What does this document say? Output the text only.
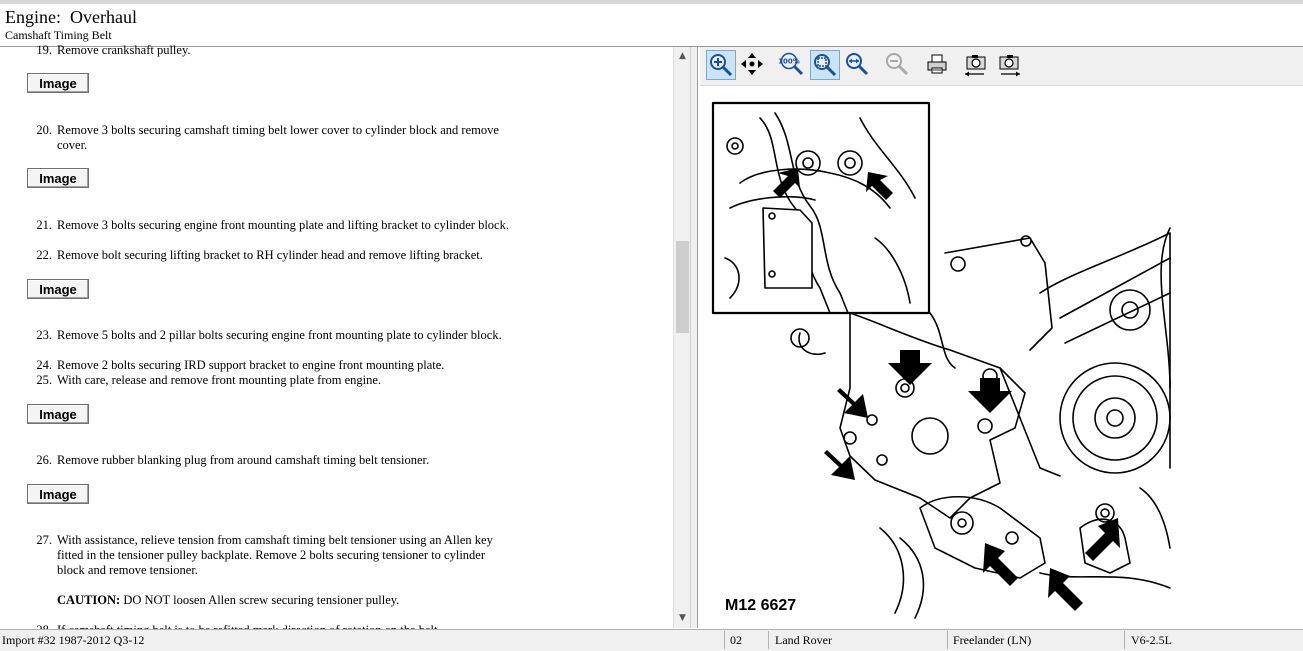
Engine:  Overhaul
Camshaft Timing Belt
19. Remove crankshaft pulley.
Image
20. Remove 3 bolts securing camshaft timing belt lower cover to cylinder block and remove cover.
Image
21. Remove 3 bolts securing engine front mounting plate and lifting bracket to cylinder block.
22. Remove bolt securing lifting bracket to RH cylinder head and remove lifting bracket.
Image
23. Remove 5 bolts and 2 pillar bolts securing engine front mounting plate to cylinder block.
24. Remove 2 bolts securing IRD support bracket to engine front mounting plate.
25. With care, release and remove front mounting plate from engine.
Image
26. Remove rubber blanking plug from around camshaft timing belt tensioner.
Image
27. With assistance, relieve tension from camshaft timing belt tensioner using an Allen key fitted in the tensioner pulley backplate. Remove 2 bolts securing tensioner to cylinder block and remove tensioner.
CAUTION: DO NOT loosen Allen screw securing tensioner pulley.
▲
▼
100%
M12 6627
Import #32 1987-2012 Q3-12	02	Land Rover	Freelander (LN)	V6-2.5L
